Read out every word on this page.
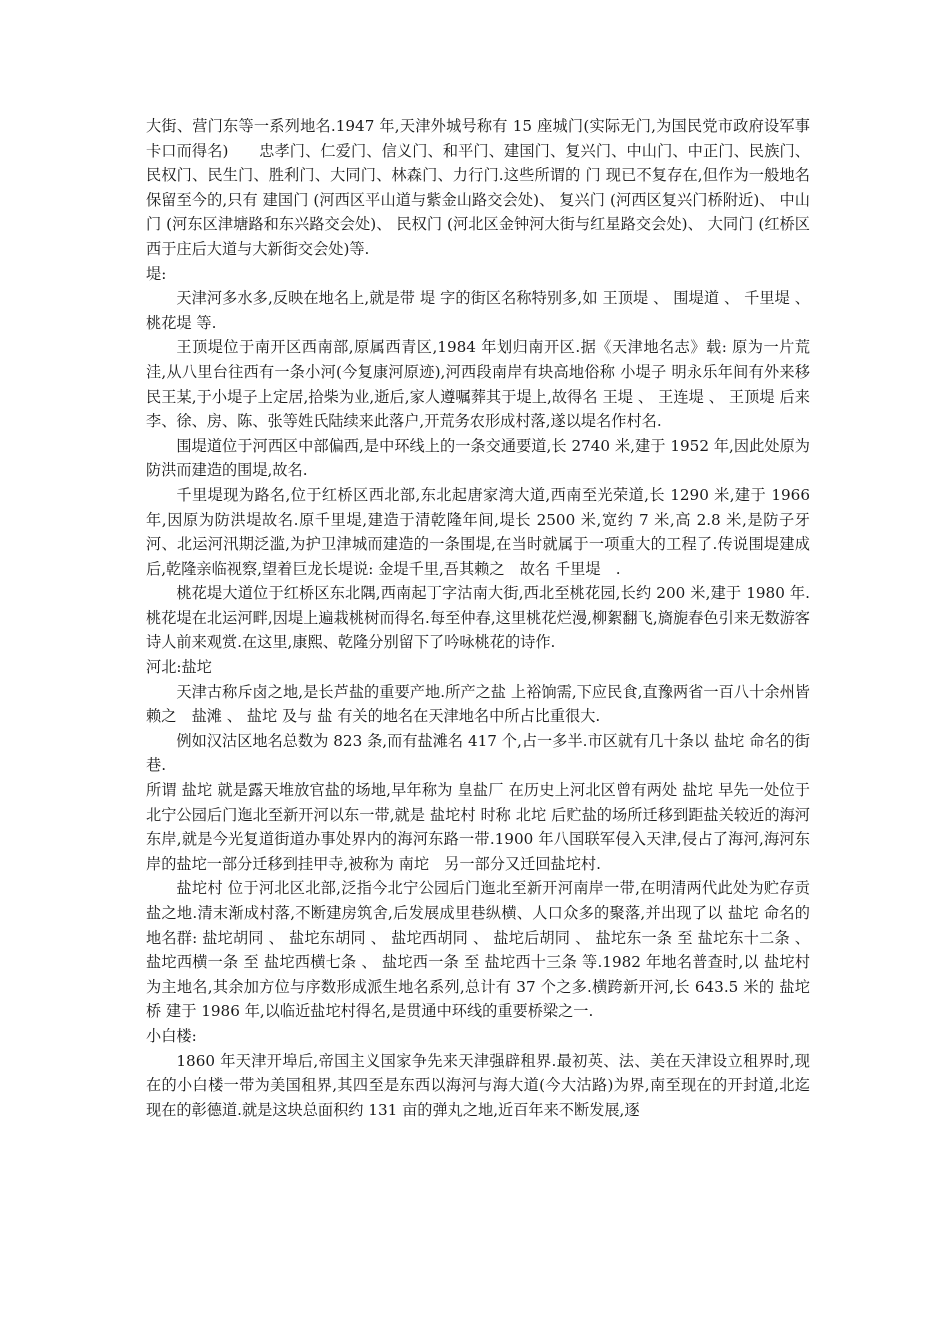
大街、营门东等一系列地名.1947 年,天津外城号称有 15 座城门(实际无门,为国民党市政府设军事卡口而得名)　　忠孝门、仁爱门、信义门、和平门、建国门、复兴门、中山门、中正门、民族门、民权门、民生门、胜利门、大同门、林森门、力行门.这些所谓的 门 现已不复存在,但作为一般地名保留至今的,只有 建国门 (河西区平山道与紫金山路交会处)、 复兴门 (河西区复兴门桥附近)、 中山门 (河东区津塘路和东兴路交会处)、 民权门 (河北区金钟河大街与红星路交会处)、 大同门 (红桥区西于庄后大道与大新街交会处)等.

堤:

天津河多水多,反映在地名上,就是带 堤 字的街区名称特别多,如 王顶堤 、 围堤道 、 千里堤 、 桃花堤 等.

王顶堤位于南开区西南部,原属西青区,1984 年划归南开区.据《天津地名志》载: 原为一片荒洼,从八里台往西有一条小河(今复康河原迹),河西段南岸有块高地俗称 小堤子 明永乐年间有外来移民王某,于小堤子上定居,拾柴为业,逝后,家人遵嘱葬其于堤上,故得名 王堤 、 王连堤 、 王顶堤 后来李、徐、房、陈、张等姓氏陆续来此落户,开荒务农形成村落,遂以堤名作村名.

围堤道位于河西区中部偏西,是中环线上的一条交通要道,长 2740 米,建于 1952 年,因此处原为防洪而建造的围堤,故名.

千里堤现为路名,位于红桥区西北部,东北起唐家湾大道,西南至光荣道,长 1290 米,建于 1966 年,因原为防洪堤故名.原千里堤,建造于清乾隆年间,堤长 2500 米,宽约 7 米,高 2.8 米,是防子牙河、北运河汛期泛滥,为护卫津城而建造的一条围堤,在当时就属于一项重大的工程了.传说围堤建成后,乾隆亲临视察,望着巨龙长堤说: 金堤千里,吾其赖之　故名 千里堤　.

桃花堤大道位于红桥区东北隅,西南起丁字沽南大街,西北至桃花园,长约 200 米,建于 1980 年.桃花堤在北运河畔,因堤上遍栽桃树而得名.每至仲春,这里桃花烂漫,柳絮翻飞,旖旎春色引来无数游客诗人前来观赏.在这里,康熙、乾隆分别留下了吟咏桃花的诗作.

河北:盐坨

天津古称斥卤之地,是长芦盐的重要产地.所产之盐 上裕饷需,下应民食,直豫两省一百八十余州皆赖之　盐滩 、 盐坨 及与 盐 有关的地名在天津地名中所占比重很大.

例如汉沽区地名总数为 823 条,而有盐滩名 417 个,占一多半.市区就有几十条以 盐坨 命名的街巷.

所谓 盐坨 就是露天堆放官盐的场地,早年称为 皇盐厂 在历史上河北区曾有两处 盐坨 早先一处位于北宁公园后门迤北至新开河以东一带,就是 盐坨村 时称 北坨 后贮盐的场所迁移到距盐关较近的海河东岸,就是今光复道街道办事处界内的海河东路一带.1900 年八国联军侵入天津,侵占了海河,海河东岸的盐坨一部分迁移到挂甲寺,被称为 南坨　另一部分又迁回盐坨村.

盐坨村 位于河北区北部,泛指今北宁公园后门迤北至新开河南岸一带,在明清两代此处为贮存贡盐之地.清末渐成村落,不断建房筑舍,后发展成里巷纵横、人口众多的聚落,并出现了以 盐坨 命名的地名群: 盐坨胡同 、 盐坨东胡同 、 盐坨西胡同 、 盐坨后胡同 、 盐坨东一条 至 盐坨东十二条 、 盐坨西横一条 至 盐坨西横七条 、 盐坨西一条 至 盐坨西十三条 等.1982 年地名普查时,以 盐坨村 为主地名,其余加方位与序数形成派生地名系列,总计有 37 个之多.横跨新开河,长 643.5 米的 盐坨桥 建于 1986 年,以临近盐坨村得名,是贯通中环线的重要桥梁之一.

小白楼:

1860 年天津开埠后,帝国主义国家争先来天津强辟租界.最初英、法、美在天津设立租界时,现在的小白楼一带为美国租界,其四至是东西以海河与海大道(今大沽路)为界,南至现在的开封道,北迄现在的彰德道.就是这块总面积约 131 亩的弹丸之地,近百年来不断发展,逐
